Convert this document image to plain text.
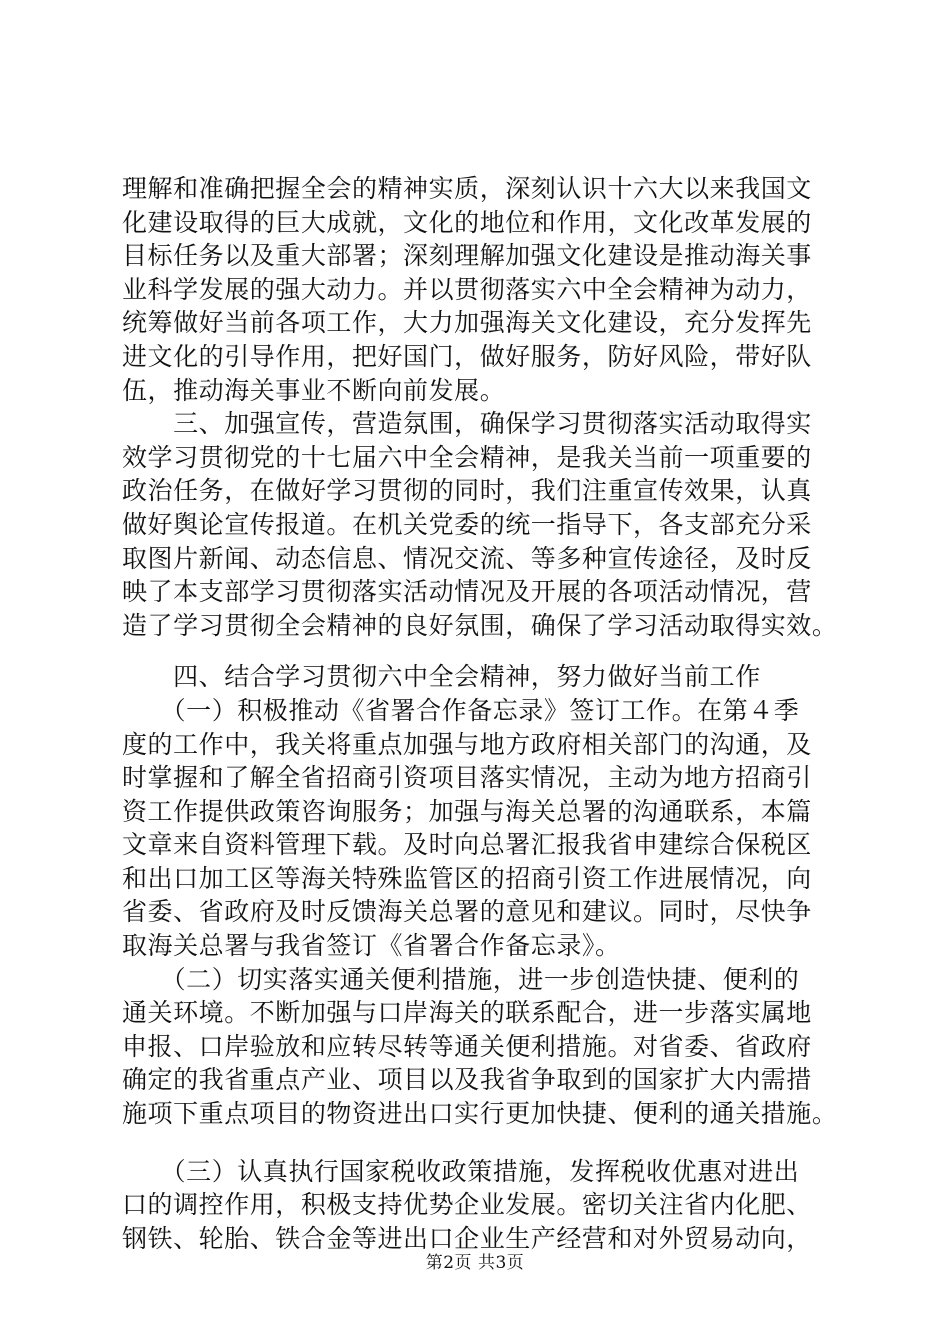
理解和准确把握全会的精神实质，深刻认识十六大以来我国文
化建设取得的巨大成就，文化的地位和作用，文化改革发展的
目标任务以及重大部署；深刻理解加强文化建设是推动海关事
业科学发展的强大动力。并以贯彻落实六中全会精神为动力，
统筹做好当前各项工作，大力加强海关文化建设，充分发挥先
进文化的引导作用，把好国门，做好服务，防好风险，带好队
伍，推动海关事业不断向前发展。
　　三、加强宣传，营造氛围，确保学习贯彻落实活动取得实
效学习贯彻党的十七届六中全会精神，是我关当前一项重要的
政治任务，在做好学习贯彻的同时，我们注重宣传效果，认真
做好舆论宣传报道。在机关党委的统一指导下，各支部充分采
取图片新闻、动态信息、情况交流、等多种宣传途径，及时反
映了本支部学习贯彻落实活动情况及开展的各项活动情况，营
造了学习贯彻全会精神的良好氛围，确保了学习活动取得实效。
　　四、结合学习贯彻六中全会精神，努力做好当前工作
　　（一）积极推动《省署合作备忘录》签订工作。在第４季
度的工作中，我关将重点加强与地方政府相关部门的沟通，及
时掌握和了解全省招商引资项目落实情况，主动为地方招商引
资工作提供政策咨询服务；加强与海关总署的沟通联系，本篇
文章来自资料管理下载。及时向总署汇报我省申建综合保税区
和出口加工区等海关特殊监管区的招商引资工作进展情况，向
省委、省政府及时反馈海关总署的意见和建议。同时，尽快争
取海关总署与我省签订《省署合作备忘录》。
　　（二）切实落实通关便利措施，进一步创造快捷、便利的
通关环境。不断加强与口岸海关的联系配合，进一步落实属地
申报、口岸验放和应转尽转等通关便利措施。对省委、省政府
确定的我省重点产业、项目以及我省争取到的国家扩大内需措
施项下重点项目的物资进出口实行更加快捷、便利的通关措施。
　　（三）认真执行国家税收政策措施，发挥税收优惠对进出
口的调控作用，积极支持优势企业发展。密切关注省内化肥、
钢铁、轮胎、铁合金等进出口企业生产经营和对外贸易动向，
第2页 共3页
